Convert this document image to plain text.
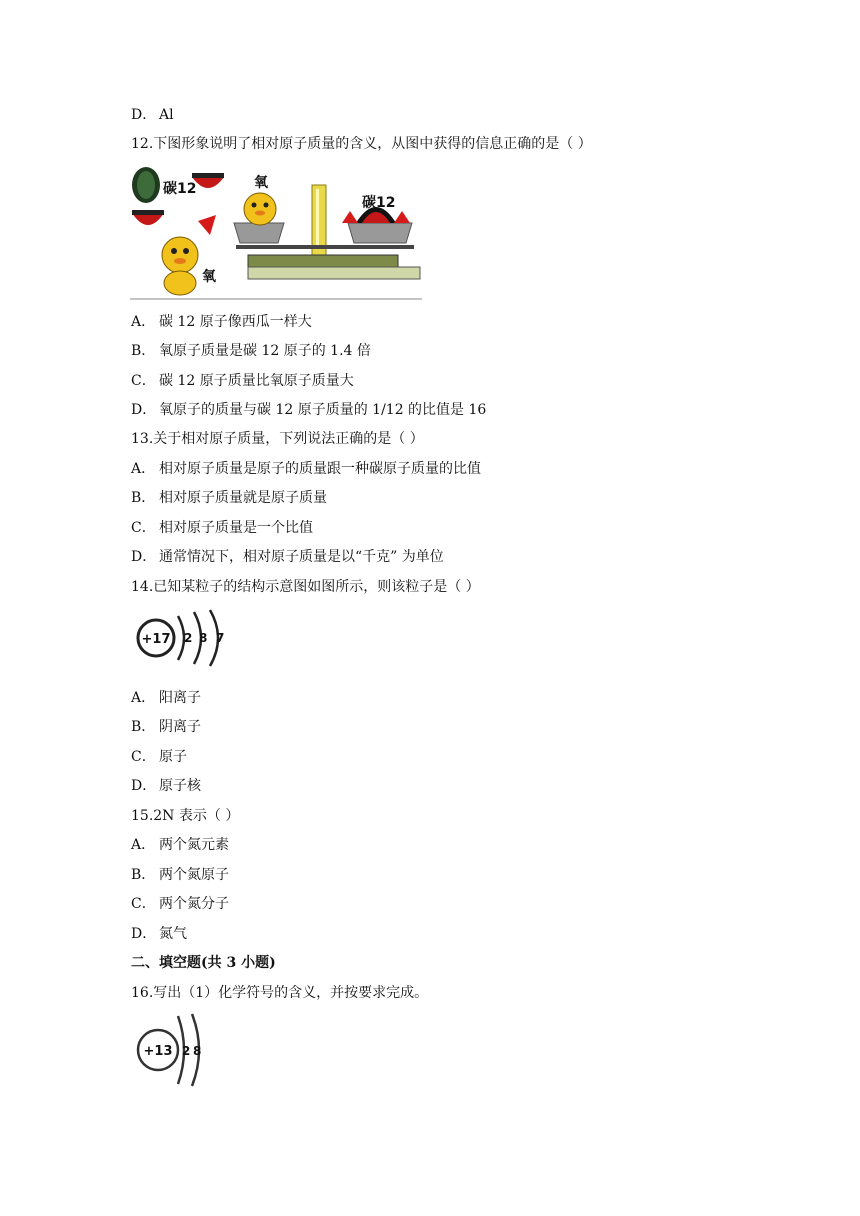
D． Al
12.下图形象说明了相对原子质量的含义，从图中获得的信息正确的是（ ）
碳12
氧
氧
碳12
A． 碳 12 原子像西瓜一样大
B． 氧原子质量是碳 12 原子的 1.4 倍
C． 碳 12 原子质量比氧原子质量大
D． 氧原子的质量与碳 12 原子质量的 1/12 的比值是 16
13.关于相对原子质量，下列说法正确的是（ ）
A． 相对原子质量是原子的质量跟一种碳原子质量的比值
B． 相对原子质量就是原子质量
C． 相对原子质量是一个比值
D． 通常情况下，相对原子质量是以“千克” 为单位
14.已知某粒子的结构示意图如图所示，则该粒子是（ ）
+17 2 8 7
A． 阳离子
B． 阴离子
C． 原子
D． 原子核
15.2N 表示（ ）
A． 两个氮元素
B． 两个氮原子
C． 两个氮分子
D． 氮气
二、填空题(共 3 小题)
16.写出（1）化学符号的含义，并按要求完成。
+13 2 8
